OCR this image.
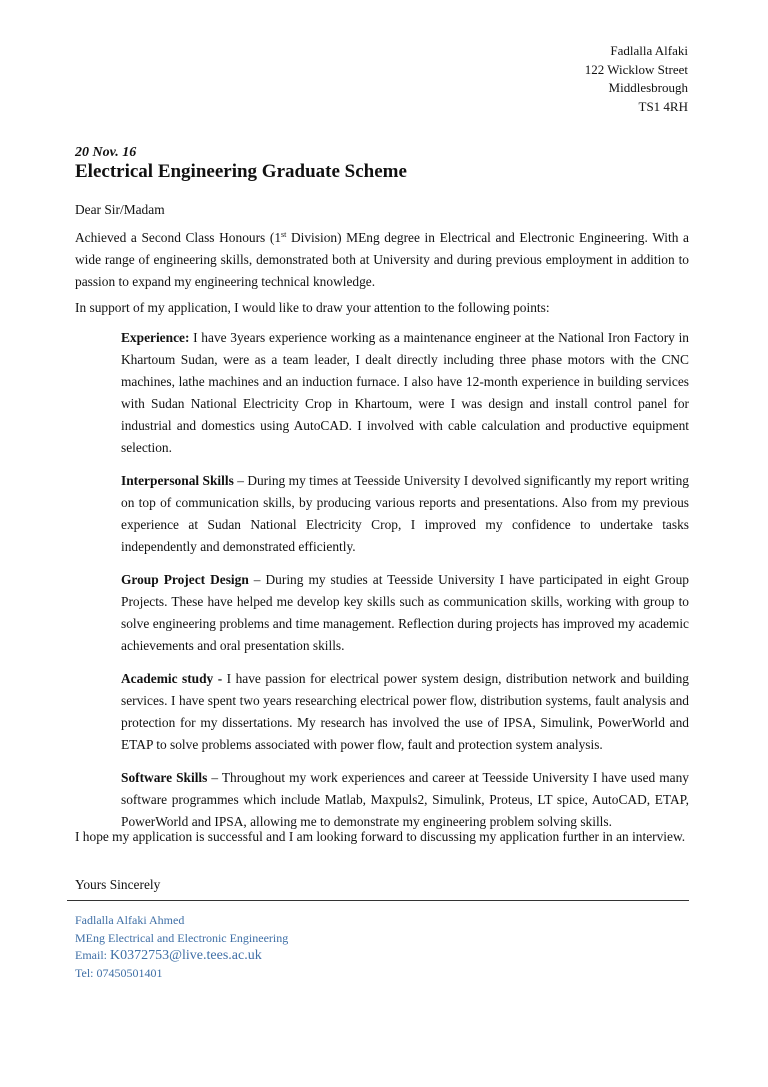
Fadlalla Alfaki
122 Wicklow Street
Middlesbrough
TS1 4RH
20 Nov. 16
Electrical Engineering Graduate Scheme
Dear Sir/Madam
Achieved a Second Class Honours (1st Division) MEng degree in Electrical and Electronic Engineering. With a wide range of engineering skills, demonstrated both at University and during previous employment in addition to passion to expand my engineering technical knowledge.
In support of my application, I would like to draw your attention to the following points:
Experience: I have 3years experience working as a maintenance engineer at the National Iron Factory in Khartoum Sudan, were as a team leader, I dealt directly including three phase motors with the CNC machines, lathe machines and an induction furnace. I also have 12-month experience in building services with Sudan National Electricity Crop in Khartoum, were I was design and install control panel for industrial and domestics using AutoCAD. I involved with cable calculation and productive equipment selection.
Interpersonal Skills – During my times at Teesside University I devolved significantly my report writing on top of communication skills, by producing various reports and presentations. Also from my previous experience at Sudan National Electricity Crop, I improved my confidence to undertake tasks independently and demonstrated efficiently.
Group Project Design – During my studies at Teesside University I have participated in eight Group Projects. These have helped me develop key skills such as communication skills, working with group to solve engineering problems and time management. Reflection during projects has improved my academic achievements and oral presentation skills.
Academic study - I have passion for electrical power system design, distribution network and building services. I have spent two years researching electrical power flow, distribution systems, fault analysis and protection for my dissertations. My research has involved the use of IPSA, Simulink, PowerWorld and ETAP to solve problems associated with power flow, fault and protection system analysis.
Software Skills – Throughout my work experiences and career at Teesside University I have used many software programmes which include Matlab, Maxpuls2, Simulink, Proteus, LT spice, AutoCAD, ETAP, PowerWorld and IPSA, allowing me to demonstrate my engineering problem solving skills.
I hope my application is successful and I am looking forward to discussing my application further in an interview.
Yours Sincerely
Fadlalla Alfaki Ahmed
MEng Electrical and Electronic Engineering
Email: K0372753@live.tees.ac.uk
Tel: 07450501401
